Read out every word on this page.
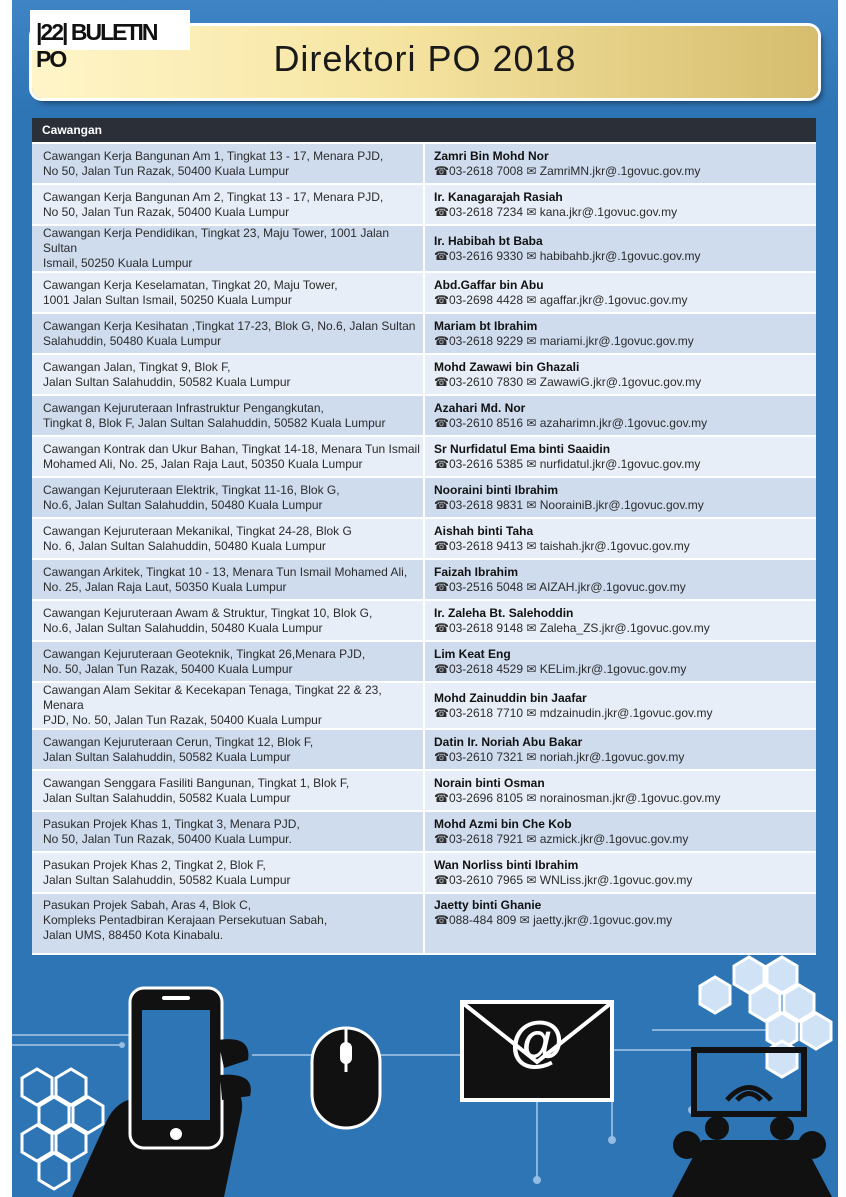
Direktori PO 2018
|22| BULETIN PO
Cawangan	

Cawangan Kerja Bangunan Am 1, Tingkat 13 - 17, Menara PJD,
No 50, Jalan Tun Razak, 50400 Kuala Lumpur	Zamri Bin Mohd Nor
☎03-2618 7008 ✉ ZamriMN.jkr@.1govuc.gov.my

Cawangan Kerja Bangunan Am 2, Tingkat 13 - 17, Menara PJD,
No 50, Jalan Tun Razak, 50400 Kuala Lumpur	Ir. Kanagarajah Rasiah
☎03-2618 7234 ✉ kana.jkr@.1govuc.gov.my

Cawangan Kerja Pendidikan, Tingkat 23, Maju Tower, 1001 Jalan Sultan
Ismail, 50250 Kuala Lumpur	Ir. Habibah bt Baba
☎03-2616 9330 ✉ habibahb.jkr@.1govuc.gov.my

Cawangan Kerja Keselamatan, Tingkat 20, Maju Tower,
1001 Jalan Sultan Ismail, 50250 Kuala Lumpur	Abd.Gaffar bin Abu
☎03-2698 4428 ✉ agaffar.jkr@.1govuc.gov.my

Cawangan Kerja Kesihatan ,Tingkat 17-23, Blok G, No.6, Jalan Sultan
Salahuddin, 50480 Kuala Lumpur	Mariam bt Ibrahim
☎03-2618 9229 ✉ mariami.jkr@.1govuc.gov.my

Cawangan Jalan, Tingkat 9, Blok F,
Jalan Sultan Salahuddin, 50582 Kuala Lumpur	Mohd Zawawi bin Ghazali
☎03-2610 7830 ✉ ZawawiG.jkr@.1govuc.gov.my

Cawangan Kejuruteraan Infrastruktur Pengangkutan,
Tingkat 8, Blok F, Jalan Sultan Salahuddin, 50582 Kuala Lumpur	Azahari Md. Nor
☎03-2610 8516 ✉ azaharimn.jkr@.1govuc.gov.my

Cawangan Kontrak dan Ukur Bahan, Tingkat 14-18, Menara Tun Ismail
Mohamed Ali, No. 25, Jalan Raja Laut, 50350 Kuala Lumpur	Sr Nurfidatul Ema binti Saaidin
☎03-2616 5385 ✉ nurfidatul.jkr@.1govuc.gov.my

Cawangan Kejuruteraan Elektrik, Tingkat 11-16, Blok G,
No.6, Jalan Sultan Salahuddin, 50480 Kuala Lumpur	Nooraini binti Ibrahim
☎03-2618 9831 ✉ NoorainiB.jkr@.1govuc.gov.my

Cawangan Kejuruteraan Mekanikal, Tingkat 24-28, Blok G
No. 6, Jalan Sultan Salahuddin, 50480 Kuala Lumpur	Aishah binti Taha
☎03-2618 9413 ✉ taishah.jkr@.1govuc.gov.my

Cawangan Arkitek, Tingkat 10 - 13, Menara Tun Ismail Mohamed Ali,
No. 25, Jalan Raja Laut, 50350 Kuala Lumpur	Faizah Ibrahim
☎03-2516 5048 ✉ AIZAH.jkr@.1govuc.gov.my

Cawangan Kejuruteraan Awam & Struktur, Tingkat 10, Blok G,
No.6, Jalan Sultan Salahuddin, 50480 Kuala Lumpur	Ir. Zaleha Bt. Salehoddin
☎03-2618 9148 ✉ Zaleha_ZS.jkr@.1govuc.gov.my

Cawangan Kejuruteraan Geoteknik, Tingkat 26,Menara PJD,
No. 50, Jalan Tun Razak, 50400 Kuala Lumpur	Lim Keat Eng
☎03-2618 4529 ✉ KELim.jkr@.1govuc.gov.my

Cawangan Alam Sekitar & Kecekapan Tenaga, Tingkat 22 & 23, Menara
PJD, No. 50, Jalan Tun Razak, 50400 Kuala Lumpur	Mohd Zainuddin bin Jaafar
☎03-2618 7710 ✉ mdzainudin.jkr@.1govuc.gov.my

Cawangan Kejuruteraan Cerun, Tingkat 12, Blok F,
Jalan Sultan Salahuddin, 50582 Kuala Lumpur	Datin Ir. Noriah Abu Bakar
☎03-2610 7321 ✉ noriah.jkr@.1govuc.gov.my

Cawangan Senggara Fasiliti Bangunan, Tingkat 1, Blok F,
Jalan Sultan Salahuddin, 50582 Kuala Lumpur	Norain binti Osman
☎03-2696 8105 ✉ norainosman.jkr@.1govuc.gov.my

Pasukan Projek Khas 1, Tingkat 3, Menara PJD,
No 50, Jalan Tun Razak, 50400 Kuala Lumpur.	Mohd Azmi bin Che Kob
☎03-2618 7921 ✉ azmick.jkr@.1govuc.gov.my

Pasukan Projek Khas 2, Tingkat 2, Blok F,
Jalan Sultan Salahuddin, 50582 Kuala Lumpur	Wan Norliss binti Ibrahim
☎03-2610 7965 ✉ WNLiss.jkr@.1govuc.gov.my

Pasukan Projek Sabah, Aras 4, Blok C,
Kompleks Pentadbiran Kerajaan Persekutuan Sabah,
Jalan UMS, 88450 Kota Kinabalu.	Jaetty binti Ghanie
☎088-484 809 ✉ jaetty.jkr@.1govuc.gov.my
@
